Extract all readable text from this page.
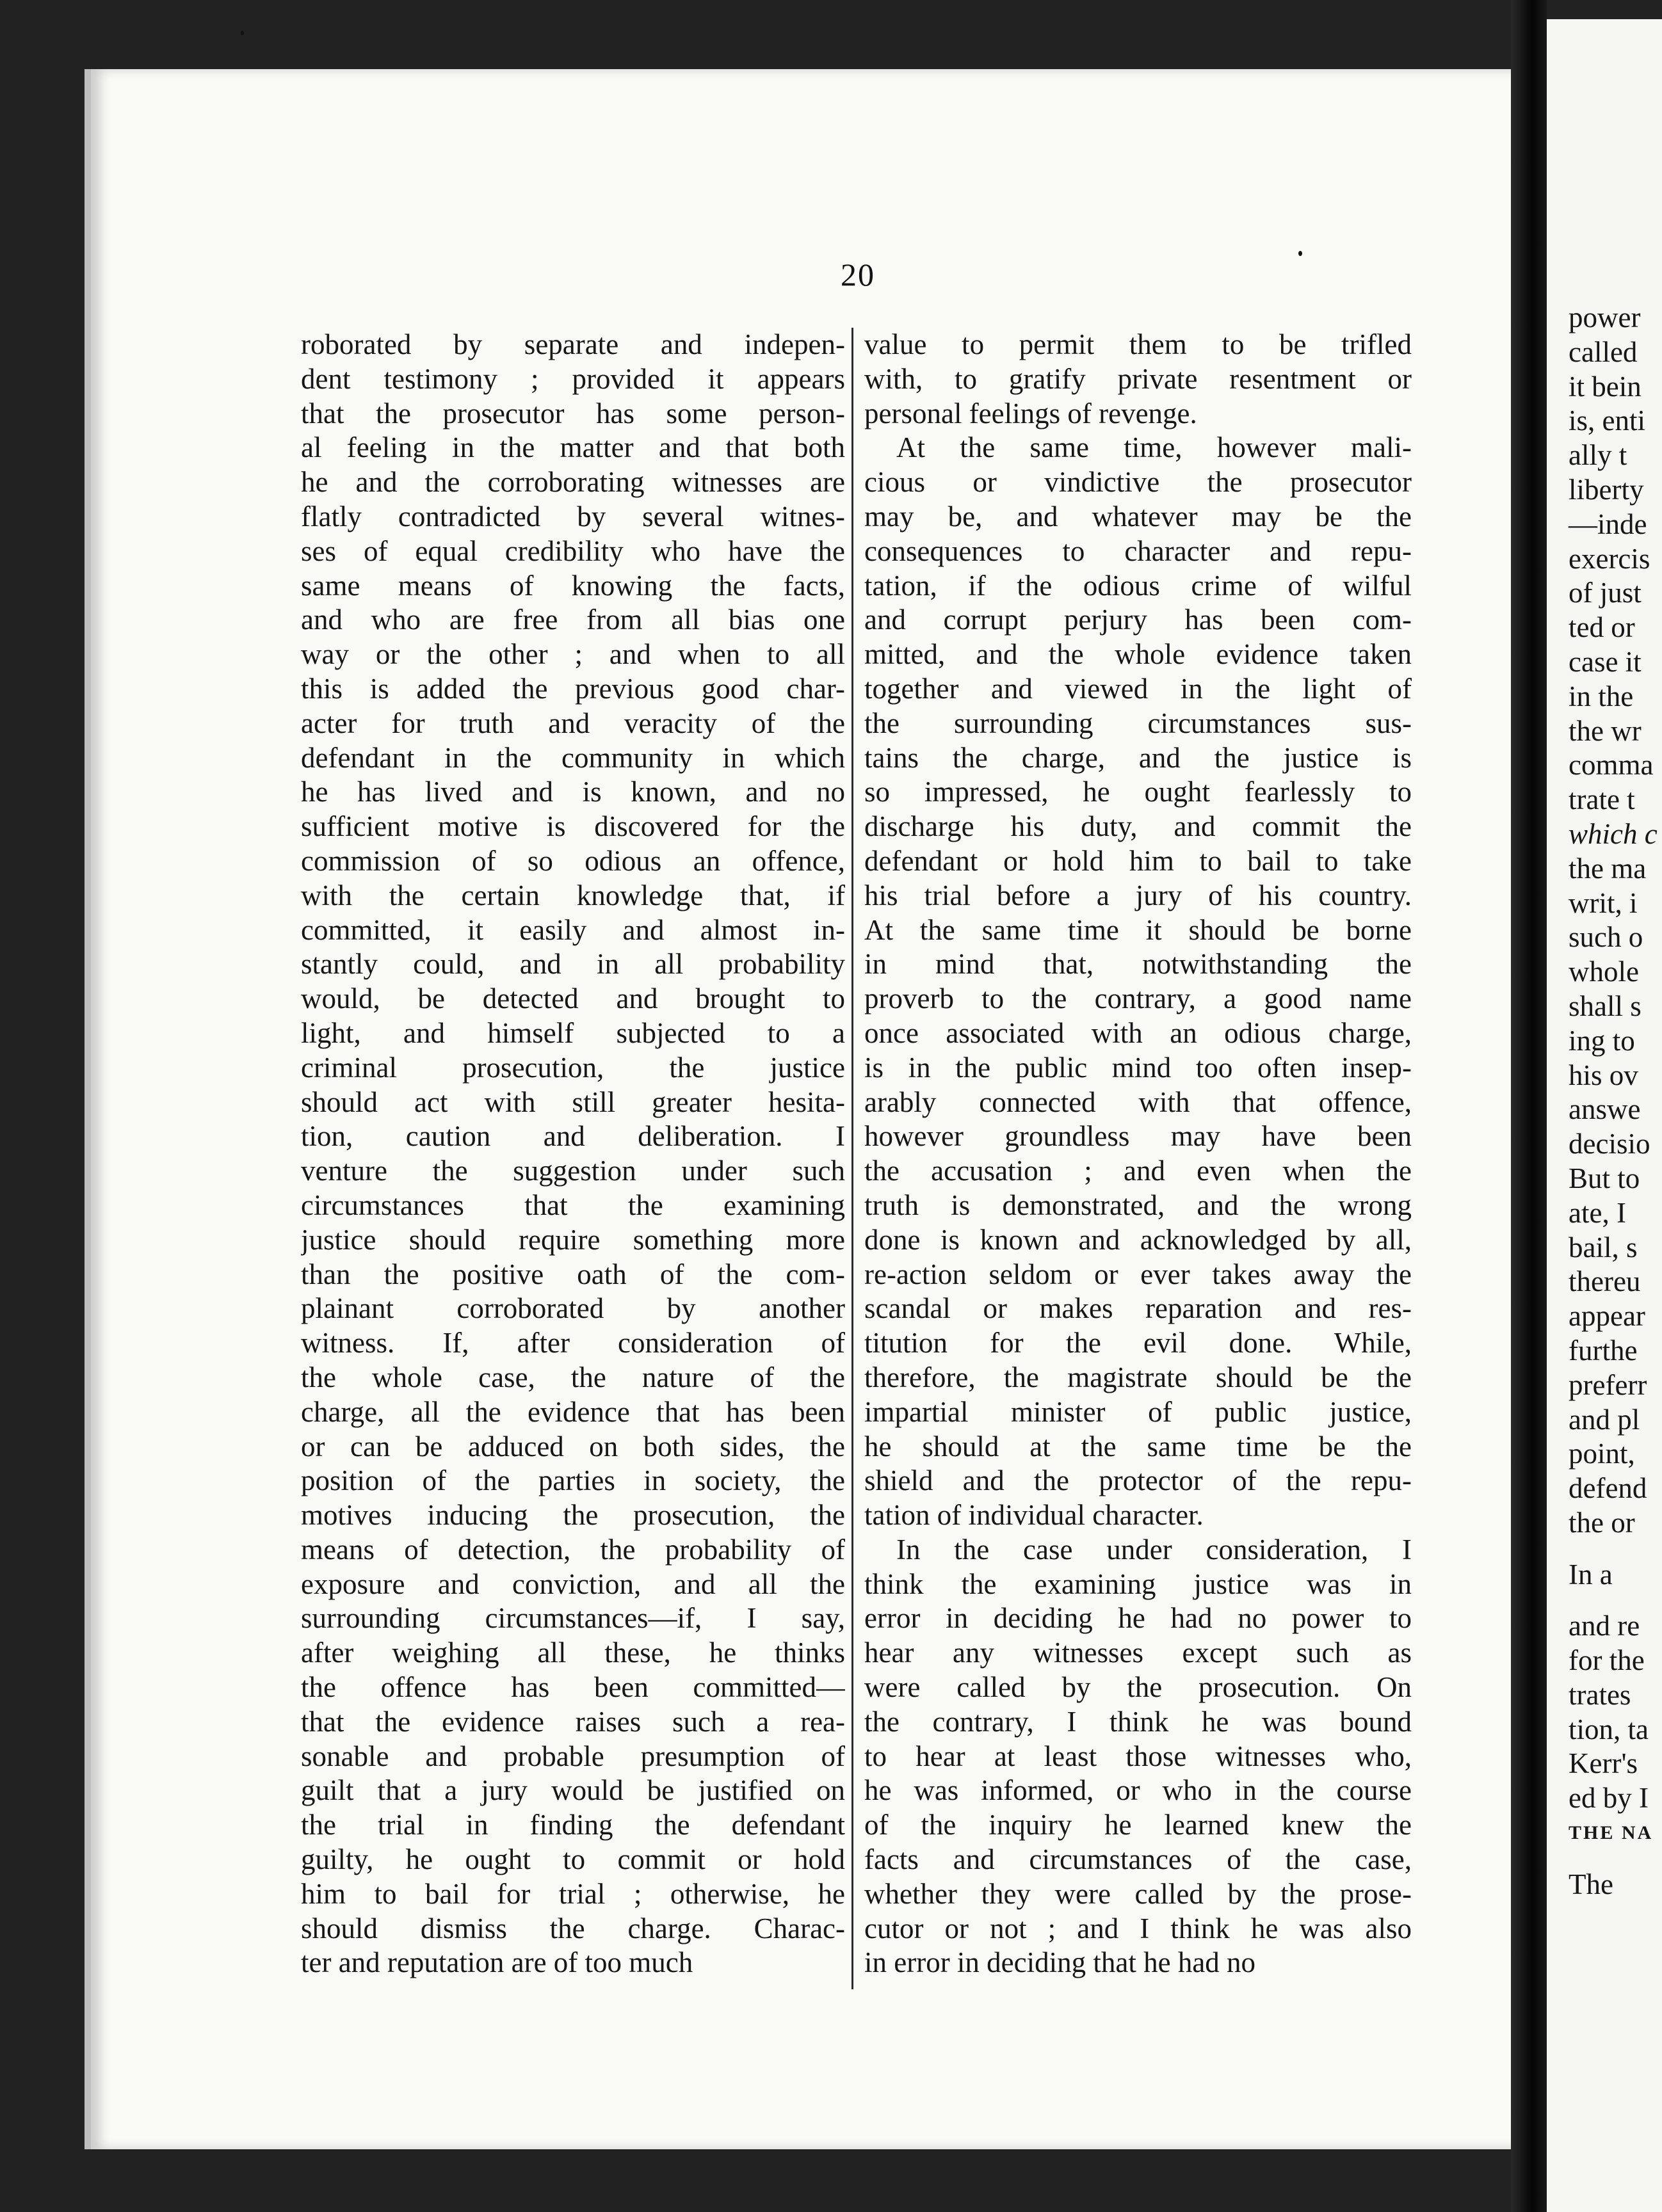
20
roborated by separate and indepen-
dent testimony ; provided it appears
that the prosecutor has some person-
al feeling in the matter and that both
he and the corroborating witnesses are
flatly contradicted by several witnes-
ses of equal credibility who have the
same means of knowing the facts,
and who are free from all bias one
way or the other ; and when to all
this is added the previous good char-
acter for truth and veracity of the
defendant in the community in which
he has lived and is known, and no
sufficient motive is discovered for the
commission of so odious an offence,
with the certain knowledge that, if
committed, it easily and almost in-
stantly could, and in all probability
would, be detected and brought to
light, and himself subjected to a
criminal prosecution, the justice
should act with still greater hesita-
tion, caution and deliberation. I
venture the suggestion under such
circumstances that the examining
justice should require something more
than the positive oath of the com-
plainant corroborated by another
witness. If, after consideration of
the whole case, the nature of the
charge, all the evidence that has been
or can be adduced on both sides, the
position of the parties in society, the
motives inducing the prosecution, the
means of detection, the probability of
exposure and conviction, and all the
surrounding circumstances—if, I say,
after weighing all these, he thinks
the offence has been committed—
that the evidence raises such a rea-
sonable and probable presumption of
guilt that a jury would be justified on
the trial in finding the defendant
guilty, he ought to commit or hold
him to bail for trial ; otherwise, he
should dismiss the charge. Charac-
ter and reputation are of too much
value to permit them to be trifled
with, to gratify private resentment or
personal feelings of revenge.
At the same time, however mali-
cious or vindictive the prosecutor
may be, and whatever may be the
consequences to character and repu-
tation, if the odious crime of wilful
and corrupt perjury has been com-
mitted, and the whole evidence taken
together and viewed in the light of
the surrounding circumstances sus-
tains the charge, and the justice is
so impressed, he ought fearlessly to
discharge his duty, and commit the
defendant or hold him to bail to take
his trial before a jury of his country.
At the same time it should be borne
in mind that, notwithstanding the
proverb to the contrary, a good name
once associated with an odious charge,
is in the public mind too often insep-
arably connected with that offence,
however groundless may have been
the accusation ; and even when the
truth is demonstrated, and the wrong
done is known and acknowledged by all,
re-action seldom or ever takes away the
scandal or makes reparation and res-
titution for the evil done. While,
therefore, the magistrate should be the
impartial minister of public justice,
he should at the same time be the
shield and the protector of the repu-
tation of individual character.
In the case under consideration, I
think the examining justice was in
error in deciding he had no power to
hear any witnesses except such as
were called by the prosecution. On
the contrary, I think he was bound
to hear at least those witnesses who,
he was informed, or who in the course
of the inquiry he learned knew the
facts and circumstances of the case,
whether they were called by the prose-
cutor or not ; and I think he was also
in error in deciding that he had no
power
called
it bein
is, enti
ally t
liberty
—inde
exercis
of just
ted or
case it
in the
the wr
comma
trate t
which c
the ma
writ, i
such o
whole
shall s
ing to
his ov
answe
decisio
But to
ate, I
bail, s
thereu
appear
furthe
preferr
and pl
point,
defend
the or
In a
and re
for the
trates
tion, ta
Kerr's
ed by I
THE NA
The
